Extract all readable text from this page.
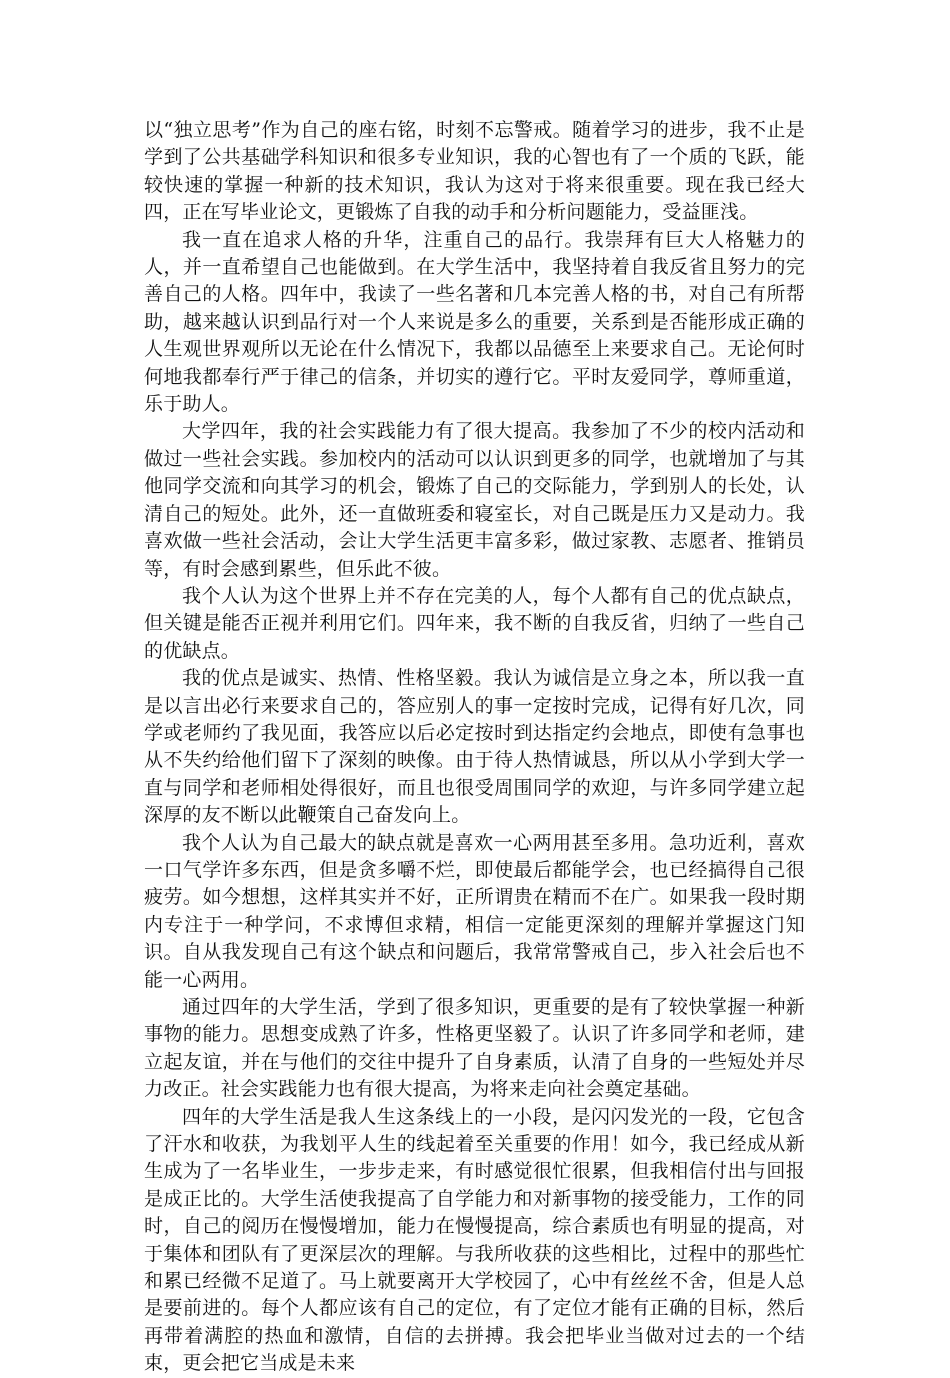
以“独立思考”作为自己的座右铭，时刻不忘警戒。随着学习的进步，我不止是学到了公共基础学科知识和很多专业知识，我的心智也有了一个质的飞跃，能较快速的掌握一种新的技术知识，我认为这对于将来很重要。现在我已经大四，正在写毕业论文，更锻炼了自我的动手和分析问题能力，受益匪浅。

我一直在追求人格的升华，注重自己的品行。我崇拜有巨大人格魅力的人，并一直希望自己也能做到。在大学生活中，我坚持着自我反省且努力的完善自己的人格。四年中，我读了一些名著和几本完善人格的书，对自己有所帮助，越来越认识到品行对一个人来说是多么的重要，关系到是否能形成正确的人生观世界观所以无论在什么情况下，我都以品德至上来要求自己。无论何时何地我都奉行严于律己的信条，并切实的遵行它。平时友爱同学，尊师重道，乐于助人。

大学四年，我的社会实践能力有了很大提高。我参加了不少的校内活动和做过一些社会实践。参加校内的活动可以认识到更多的同学，也就增加了与其他同学交流和向其学习的机会，锻炼了自己的交际能力，学到别人的长处，认清自己的短处。此外，还一直做班委和寝室长，对自己既是压力又是动力。我喜欢做一些社会活动，会让大学生活更丰富多彩，做过家教、志愿者、推销员等，有时会感到累些，但乐此不彼。

我个人认为这个世界上并不存在完美的人，每个人都有自己的优点缺点，但关键是能否正视并利用它们。四年来，我不断的自我反省，归纳了一些自己的优缺点。

我的优点是诚实、热情、性格坚毅。我认为诚信是立身之本，所以我一直是以言出必行来要求自己的，答应别人的事一定按时完成，记得有好几次，同学或老师约了我见面，我答应以后必定按时到达指定约会地点，即使有急事也从不失约给他们留下了深刻的映像。由于待人热情诚恳，所以从小学到大学一直与同学和老师相处得很好，而且也很受周围同学的欢迎，与许多同学建立起深厚的友不断以此鞭策自己奋发向上。

我个人认为自己最大的缺点就是喜欢一心两用甚至多用。急功近利，喜欢一口气学许多东西，但是贪多嚼不烂，即使最后都能学会，也已经搞得自己很疲劳。如今想想，这样其实并不好，正所谓贵在精而不在广。如果我一段时期内专注于一种学问，不求博但求精，相信一定能更深刻的理解并掌握这门知识。自从我发现自己有这个缺点和问题后，我常常警戒自己，步入社会后也不能一心两用。

通过四年的大学生活，学到了很多知识，更重要的是有了较快掌握一种新事物的能力。思想变成熟了许多，性格更坚毅了。认识了许多同学和老师，建立起友谊，并在与他们的交往中提升了自身素质，认清了自身的一些短处并尽力改正。社会实践能力也有很大提高，为将来走向社会奠定基础。

四年的大学生活是我人生这条线上的一小段，是闪闪发光的一段，它包含了汗水和收获，为我划平人生的线起着至关重要的作用！如今，我已经成从新生成为了一名毕业生，一步步走来，有时感觉很忙很累，但我相信付出与回报是成正比的。大学生活使我提高了自学能力和对新事物的接受能力，工作的同时，自己的阅历在慢慢增加，能力在慢慢提高，综合素质也有明显的提高，对于集体和团队有了更深层次的理解。与我所收获的这些相比，过程中的那些忙和累已经微不足道了。马上就要离开大学校园了，心中有丝丝不舍，但是人总是要前进的。每个人都应该有自己的定位，有了定位才能有正确的目标，然后再带着满腔的热血和激情，自信的去拼搏。我会把毕业当做对过去的一个结束，更会把它当成是未来
